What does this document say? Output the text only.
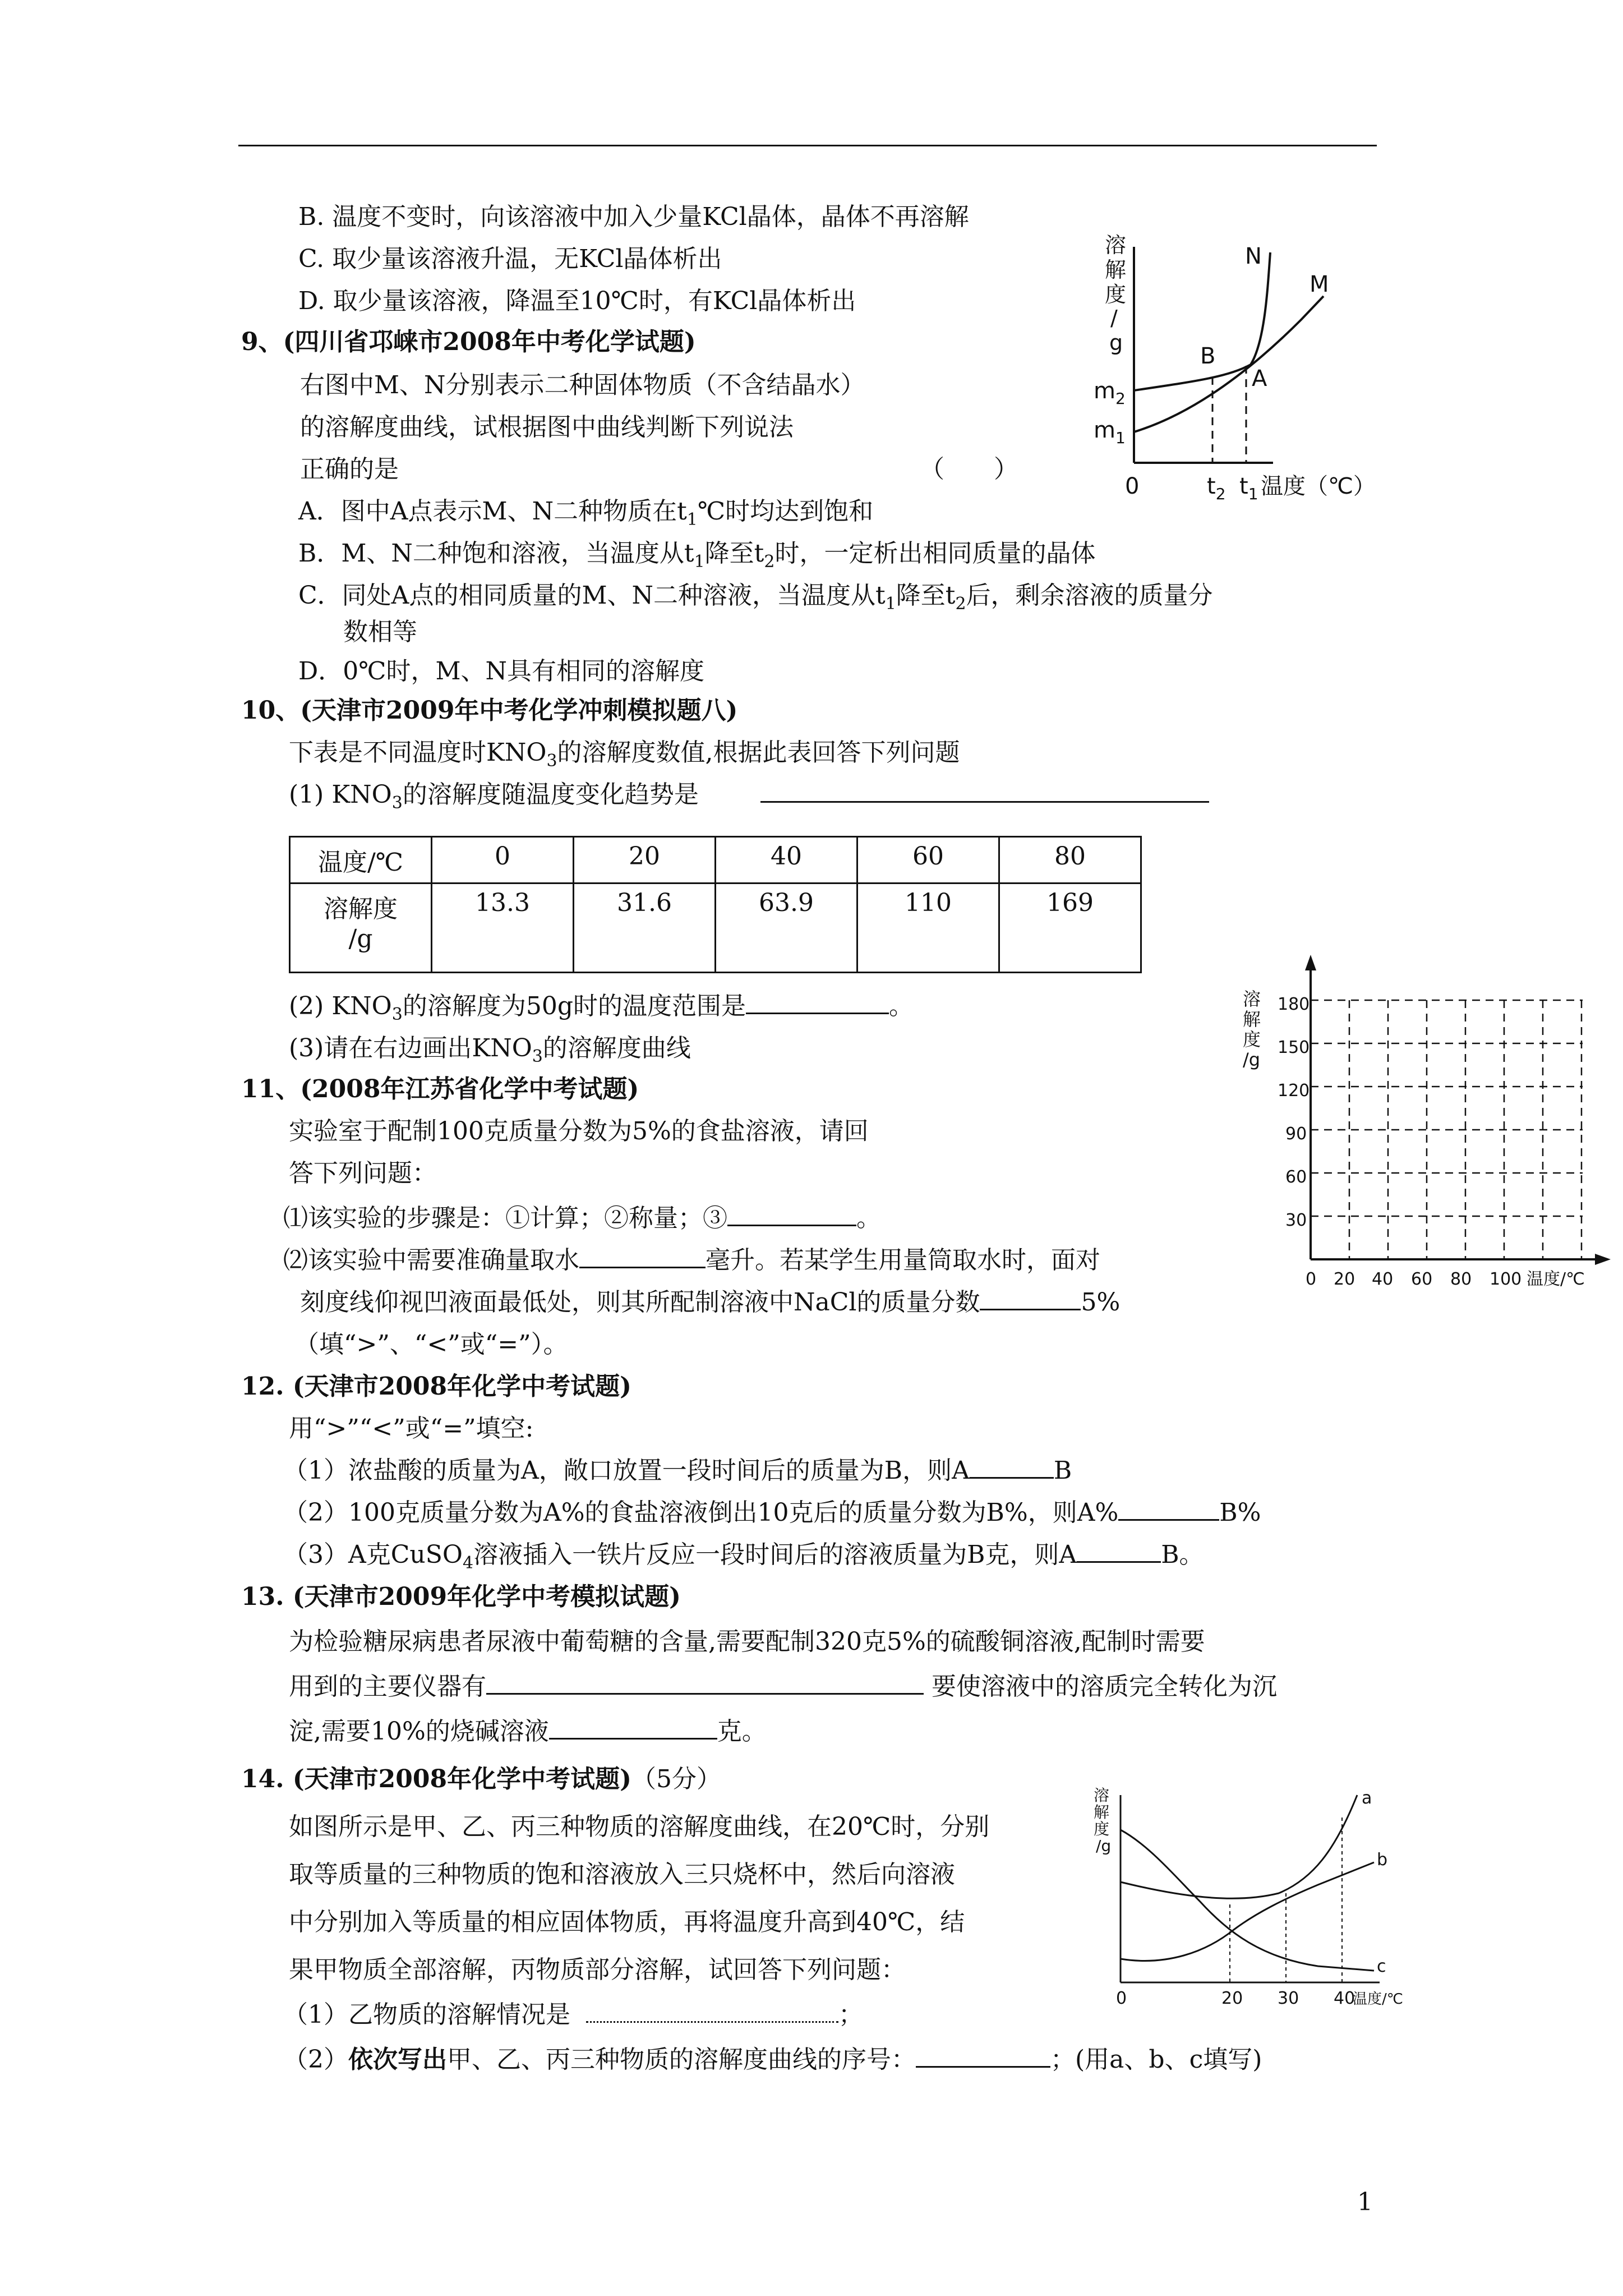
B. 温度不变时，向该溶液中加入少量KCl晶体，晶体不再溶解
C. 取少量该溶液升温，无KCl晶体析出
D. 取少量该溶液，降温至10℃时，有KCl晶体析出
9、(四川省邛崃市2008年中考化学试题)
右图中M、N分别表示二种固体物质（不含结晶水）
的溶解度曲线，试根据图中曲线判断下列说法
正确的是	（　　）
A．图中A点表示M、N二种物质在$t_1℃$时均达到饱和
B．M、N二种饱和溶液，当温度从$t_1$降至$t_2$时，一定析出相同质量的晶体
C．同处A点的相同质量的M、N二种溶液，当温度从$t_1$降至$t_2$后，剩余溶液的质量分
数相等
D．0℃时，M、N具有相同的溶解度
溶
解
度
/
g
N
M
B
A
$m_2$
$m_1$
0	$t_2$ $t_1$ 温度（℃）
10、(天津市2009年中考化学冲刺模拟题八)
下表是不同温度时$KNO_3$的溶解度数值,根据此表回答下列问题
(1) $KNO_3$的溶解度随温度变化趋势是
温度/℃	0	20	40	60	80

溶解度
/g	13.3	31.6	63.9	110	169
(2) $KNO_3$的溶解度为50g时的温度范围是	。
(3)请在右边画出$KNO_3$的溶解度曲线
溶
解
度
/g
180
150
120
90
60
30
0 20 40 60 80 100 温度/℃
11、(2008年江苏省化学中考试题)
实验室于配制100克质量分数为5%的食盐溶液，请回
答下列问题：
⑴该实验的步骤是：①计算；②称量；③	。
⑵该实验中需要准确量取水	毫升。若某学生用量筒取水时，面对
刻度线仰视凹液面最低处，则其所配制溶液中NaCl的质量分数	5%
（填“>”、“<”或“=”）。
12. (天津市2008年化学中考试题)
用“>”“<”或“=”填空:
（1）浓盐酸的质量为A，敞口放置一段时间后的质量为B，则A	B
（2）100克质量分数为A%的食盐溶液倒出10克后的质量分数为B%，则A%	B%
（3）A克CuSO$_4$溶液插入一铁片反应一段时间后的溶液质量为B克，则A	B。
13. (天津市2009年化学中考模拟试题)
为检验糖尿病患者尿液中葡萄糖的含量,需要配制320克5%的硫酸铜溶液,配制时需要
用到的主要仪器有	要使溶液中的溶质完全转化为沉
淀,需要10%的烧碱溶液	克。
14. (天津市2008年化学中考试题)（5分）
如图所示是甲、乙、丙三种物质的溶解度曲线，在20℃时，分别
取等质量的三种物质的饱和溶液放入三只烧杯中，然后向溶液
中分别加入等质量的相应固体物质，再将温度升高到40℃，结
果甲物质全部溶解，丙物质部分溶解，试回答下列问题：
（1）乙物质的溶解情况是	；
（2）依次写出甲、乙、丙三种物质的溶解度曲线的序号：	；(用a、b、c填写)
溶
解
度
/g
a
b
c
0	20 30 40
温度/℃
1
